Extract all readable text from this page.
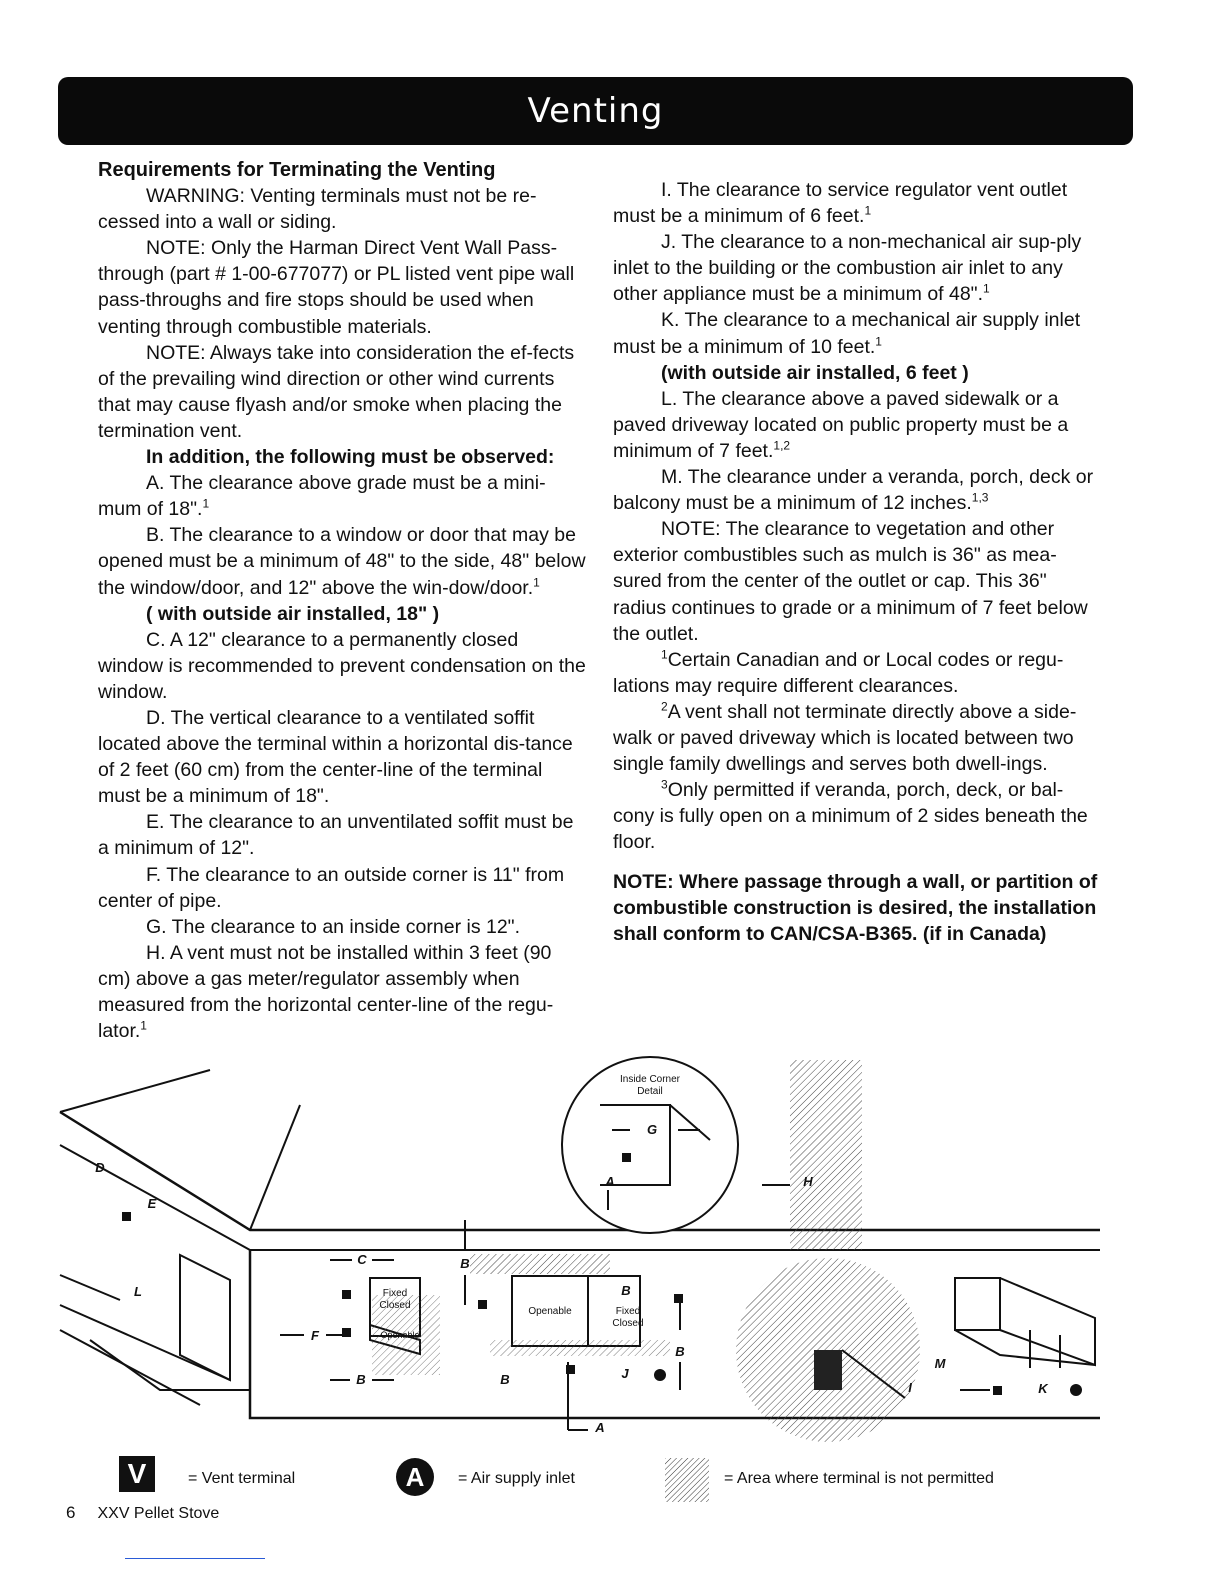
Venting

Requirements for Terminating the Venting

WARNING: Venting terminals must not be re-cessed into a wall or siding.

NOTE: Only the Harman Direct Vent Wall Pass-through (part # 1-00-677077) or PL listed vent pipe wall pass-throughs and fire stops should be used when venting through combustible materials.

NOTE: Always take into consideration the ef-fects of the prevailing wind direction or other wind currents that may cause flyash and/or smoke when placing the termination vent.

In addition, the following must be observed:

A. The clearance above grade must be a mini-mum of 18".$^1$

B. The clearance to a window or door that may be opened must be a minimum of 48" to the side, 48" below the window/door, and 12" above the win-dow/door.$^1$

( with outside air installed, 18" )

C. A 12" clearance to a permanently closed window is recommended to prevent condensation on the window.

D. The vertical clearance to a ventilated soffit located above the terminal within a horizontal dis-tance of 2 feet (60 cm) from the center-line of the terminal must be a minimum of 18".

E. The clearance to an unventilated soffit must be a minimum of 12".

F. The clearance to an outside corner is 11" from center of pipe.

G. The clearance to an inside corner is 12".

H. A vent must not be installed within 3 feet (90 cm) above a gas meter/regulator assembly when measured from the horizontal center-line of the regu-lator.$^1$

I. The clearance to service regulator vent outlet must be a minimum of 6 feet.$^1$

J. The clearance to a non-mechanical air sup-ply inlet to the building or the combustion air inlet to any other appliance must be a minimum of 48".$^1$

K. The clearance to a mechanical air supply inlet must be a minimum of 10 feet.$^1$

(with outside air installed, 6 feet )

L. The clearance above a paved sidewalk or a paved driveway located on public property must be a minimum of 7 feet.$^{1,2}$

M. The clearance under a veranda, porch, deck or balcony must be a minimum of 12 inches.$^{1,3}$

NOTE: The clearance to vegetation and other exterior combustibles such as mulch is 36" as mea-sured from the center of the outlet or cap. This 36" radius continues to grade or a minimum of 7 feet below the outlet.

$^1$Certain Canadian and or Local codes or regu-lations may require different clearances.

$^2$A vent shall not terminate directly above a side-walk or paved driveway which is located between two single family dwellings and serves both dwell-ings.

$^3$Only permitted if veranda, porch, deck, or bal-cony is fully open on a minimum of 2 sides beneath the floor.

NOTE: Where passage through a wall, or partition of combustible construction is desired, the installation shall conform to CAN/CSA-B365. (if in Canada)

Inside Corner
Detail
Fixed
Closed
Openable
Openable	Fixed
Closed
A
A
B
B	B
B
B
C
D
E
F
G
H
I
J
K
L
M
V	= Vent terminal	A	= Air supply inlet	= Area where terminal is not permitted
6 XXV Pellet Stove
